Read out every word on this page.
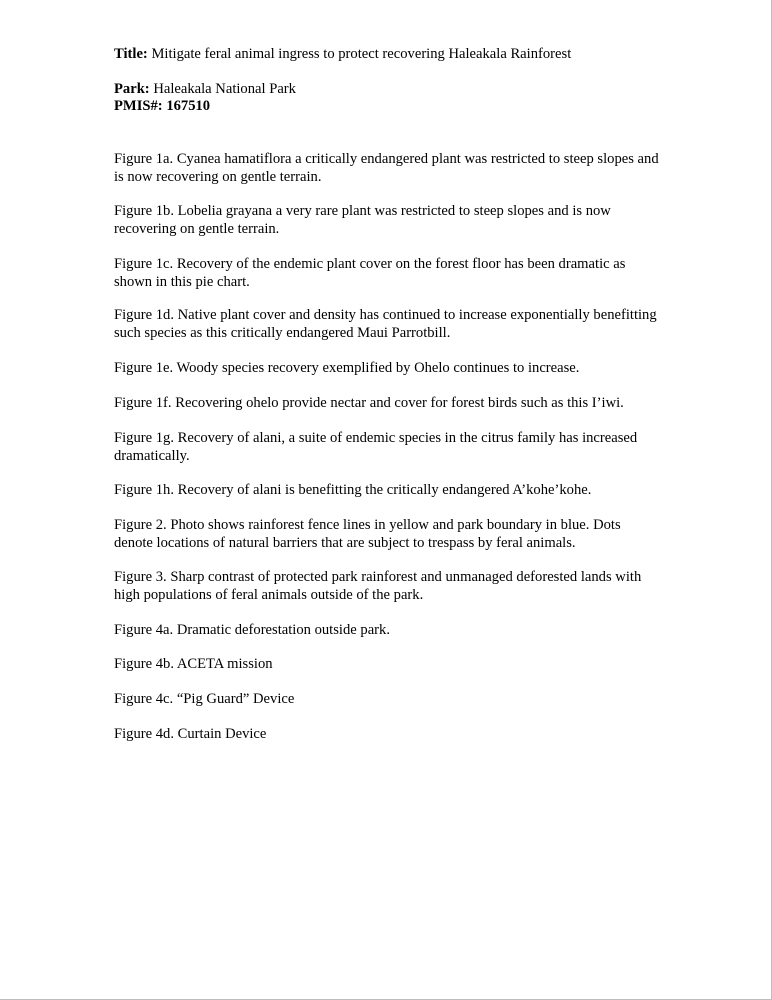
Title: Mitigate feral animal ingress to protect recovering Haleakala Rainforest
Park: Haleakala National Park
PMIS#: 167510

Figure 1a. Cyanea hamatiflora a critically endangered plant was restricted to steep slopes and is now recovering on gentle terrain.

Figure 1b. Lobelia grayana a very rare plant was restricted to steep slopes and is now recovering on gentle terrain.

Figure 1c. Recovery of the endemic plant cover on the forest floor has been dramatic as shown in this pie chart.

Figure 1d. Native plant cover and density has continued to increase exponentially benefitting such species as this critically endangered Maui Parrotbill.

Figure 1e. Woody species recovery exemplified by Ohelo continues to increase.

Figure 1f. Recovering ohelo provide nectar and cover for forest birds such as this I’iwi.

Figure 1g. Recovery of alani, a suite of endemic species in the citrus family has increased dramatically.

Figure 1h. Recovery of alani is benefitting the critically endangered A’kohe’kohe.

Figure 2. Photo shows rainforest fence lines in yellow and park boundary in blue. Dots denote locations of natural barriers that are subject to trespass by feral animals.

Figure 3. Sharp contrast of protected park rainforest and unmanaged deforested lands with high populations of feral animals outside of the park.

Figure 4a. Dramatic deforestation outside park.

Figure 4b. ACETA mission

Figure 4c. “Pig Guard” Device

Figure 4d. Curtain Device
